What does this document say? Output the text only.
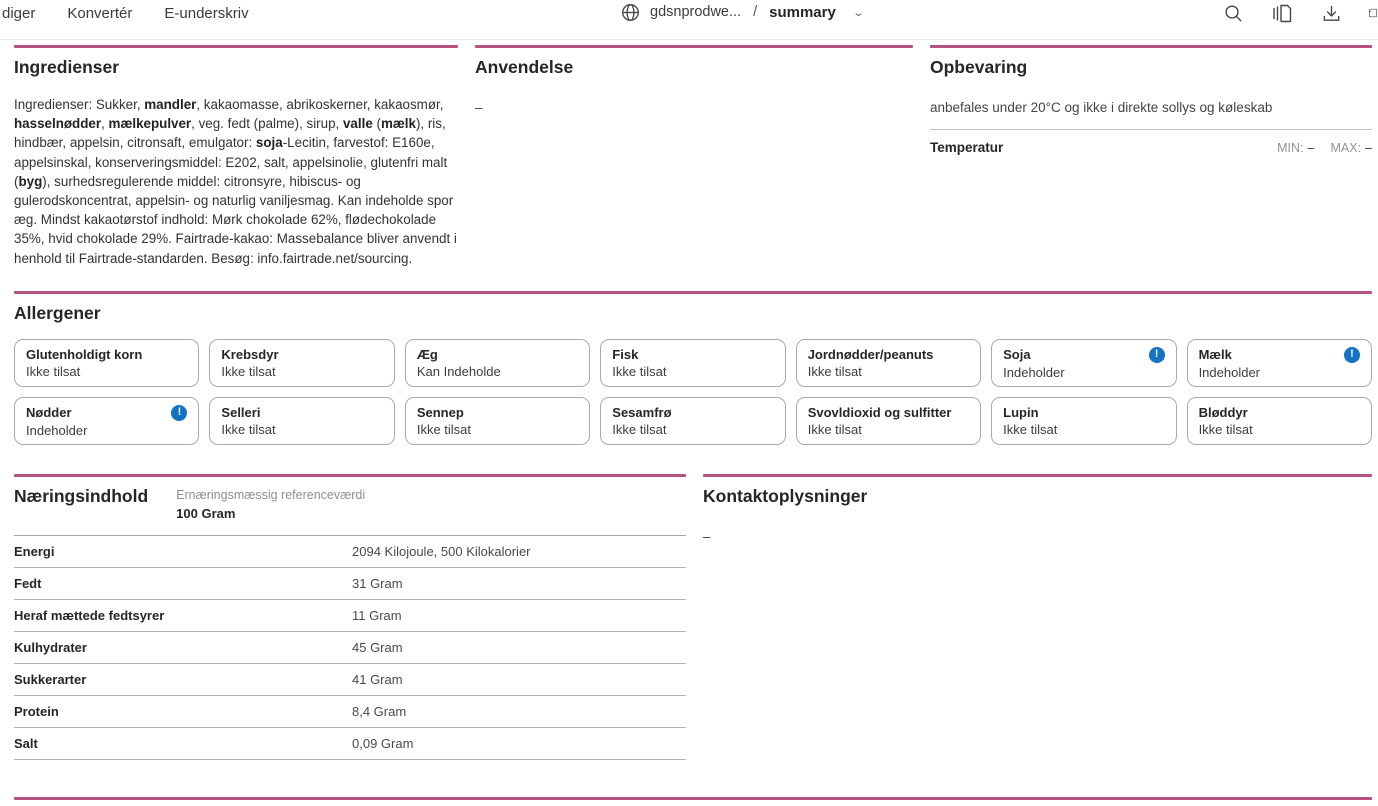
diger Konvertér E-underskriv	gdsnprodwe... / summary ⌄
Ingredienser
Ingredienser: Sukker, mandler, kakaomasse, abrikoskerner, kakaosmør, hasselnødder, mælkepulver, veg. fedt (palme), sirup, valle (mælk), ris, hindbær, appelsin, citronsaft, emulgator: soja-Lecitin, farvestof: E160e, appelsinskal, konserveringsmiddel: E202, salt, appelsinolie, glutenfri malt (byg), surhedsregulerende middel: citronsyre, hibiscus- og gulerodskoncentrat, appelsin- og naturlig vaniljesmag. Kan indeholde spor æg. Mindst kakaotørstof indhold: Mørk chokolade 62%, flødechokolade 35%, hvid chokolade 29%. Fairtrade-kakao: Massebalance bliver anvendt i henhold til Fairtrade-standarden. Besøg: info.fairtrade.net/sourcing.
Anvendelse
–
Opbevaring
anbefales under 20°C og ikke i direkte sollys og køleskab
Temperatur	MIN: – MAX: –
Allergener
Glutenholdigt korn
Ikke tilsat
Krebsdyr
Ikke tilsat
Æg
Kan Indeholde
Fisk
Ikke tilsat
Jordnødder/peanuts
Ikke tilsat
Soja	!
Indeholder
Mælk	!
Indeholder
Nødder	!
Indeholder
Selleri
Ikke tilsat
Sennep
Ikke tilsat
Sesamfrø
Ikke tilsat
Svovldioxid og sulfitter
Ikke tilsat
Lupin
Ikke tilsat
Bløddyr
Ikke tilsat
Næringsindhold Ernæringsmæssig referenceværdi
100 Gram
Energi	2094 Kilojoule, 500 Kilokalorier
Fedt	31 Gram
Heraf mættede fedtsyrer	11 Gram
Kulhydrater	45 Gram
Sukkerarter	41 Gram
Protein	8,4 Gram
Salt	0,09 Gram
Kontaktoplysninger
–
